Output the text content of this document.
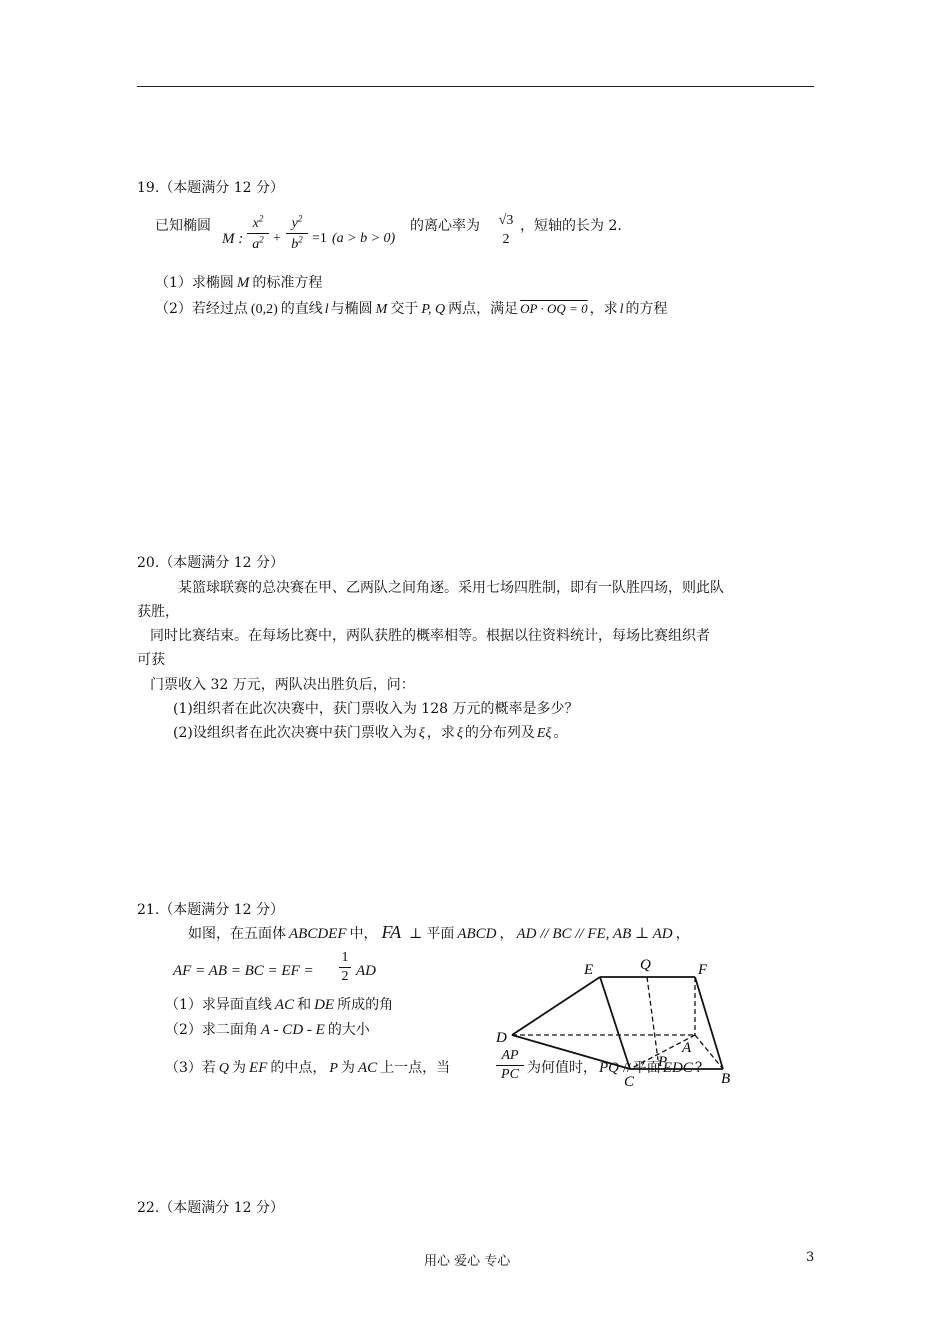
19.（本题满分 12 分）
已知椭圆
M :
$x^2$
$a^2$ +
$y^2$
$b^2 =1$ (a > b > 0)
的离心率为	√3
2
，短轴的长为 2.
（1）求椭圆 M 的标准方程
（2）若经过点 (0,2) 的直线 l 与椭圆 M 交于 P, Q 两点，满足 OP · OQ = 0 ，求 l 的方程
20.（本题满分 12 分）
某篮球联赛的总决赛在甲、乙两队之间角逐。采用七场四胜制，即有一队胜四场，则此队
获胜，
同时比赛结束。在每场比赛中，两队获胜的概率相等。根据以往资料统计，每场比赛组织者
可获
门票收入 32 万元，两队决出胜负后，问：
(1)组织者在此次决赛中，获门票收入为 128 万元的概率是多少？
(2)设组织者在此次决赛中获门票收入为 ξ ，求 ξ 的分布列及 Eξ 。
21.（本题满分 12 分）
如图，在五面体 ABCDEF 中， FA ⊥ 平面 ABCD ， AD // BC // FE, AB ⊥ AD ，
AF = AB = BC = EF =
1
2 AD
（1）求异面直线 AC 和 DE 所成的角
（2）求二面角 A - CD - E 的大小
（3）若 Q 为 EF 的中点， P 为 AC 上一点，当
AP
PC 为何值时， PQ // 平面 EDC ?
E	Q	F
D
A
P
C	B
22.（本题满分 12 分）
用心 爱心 专心	3
